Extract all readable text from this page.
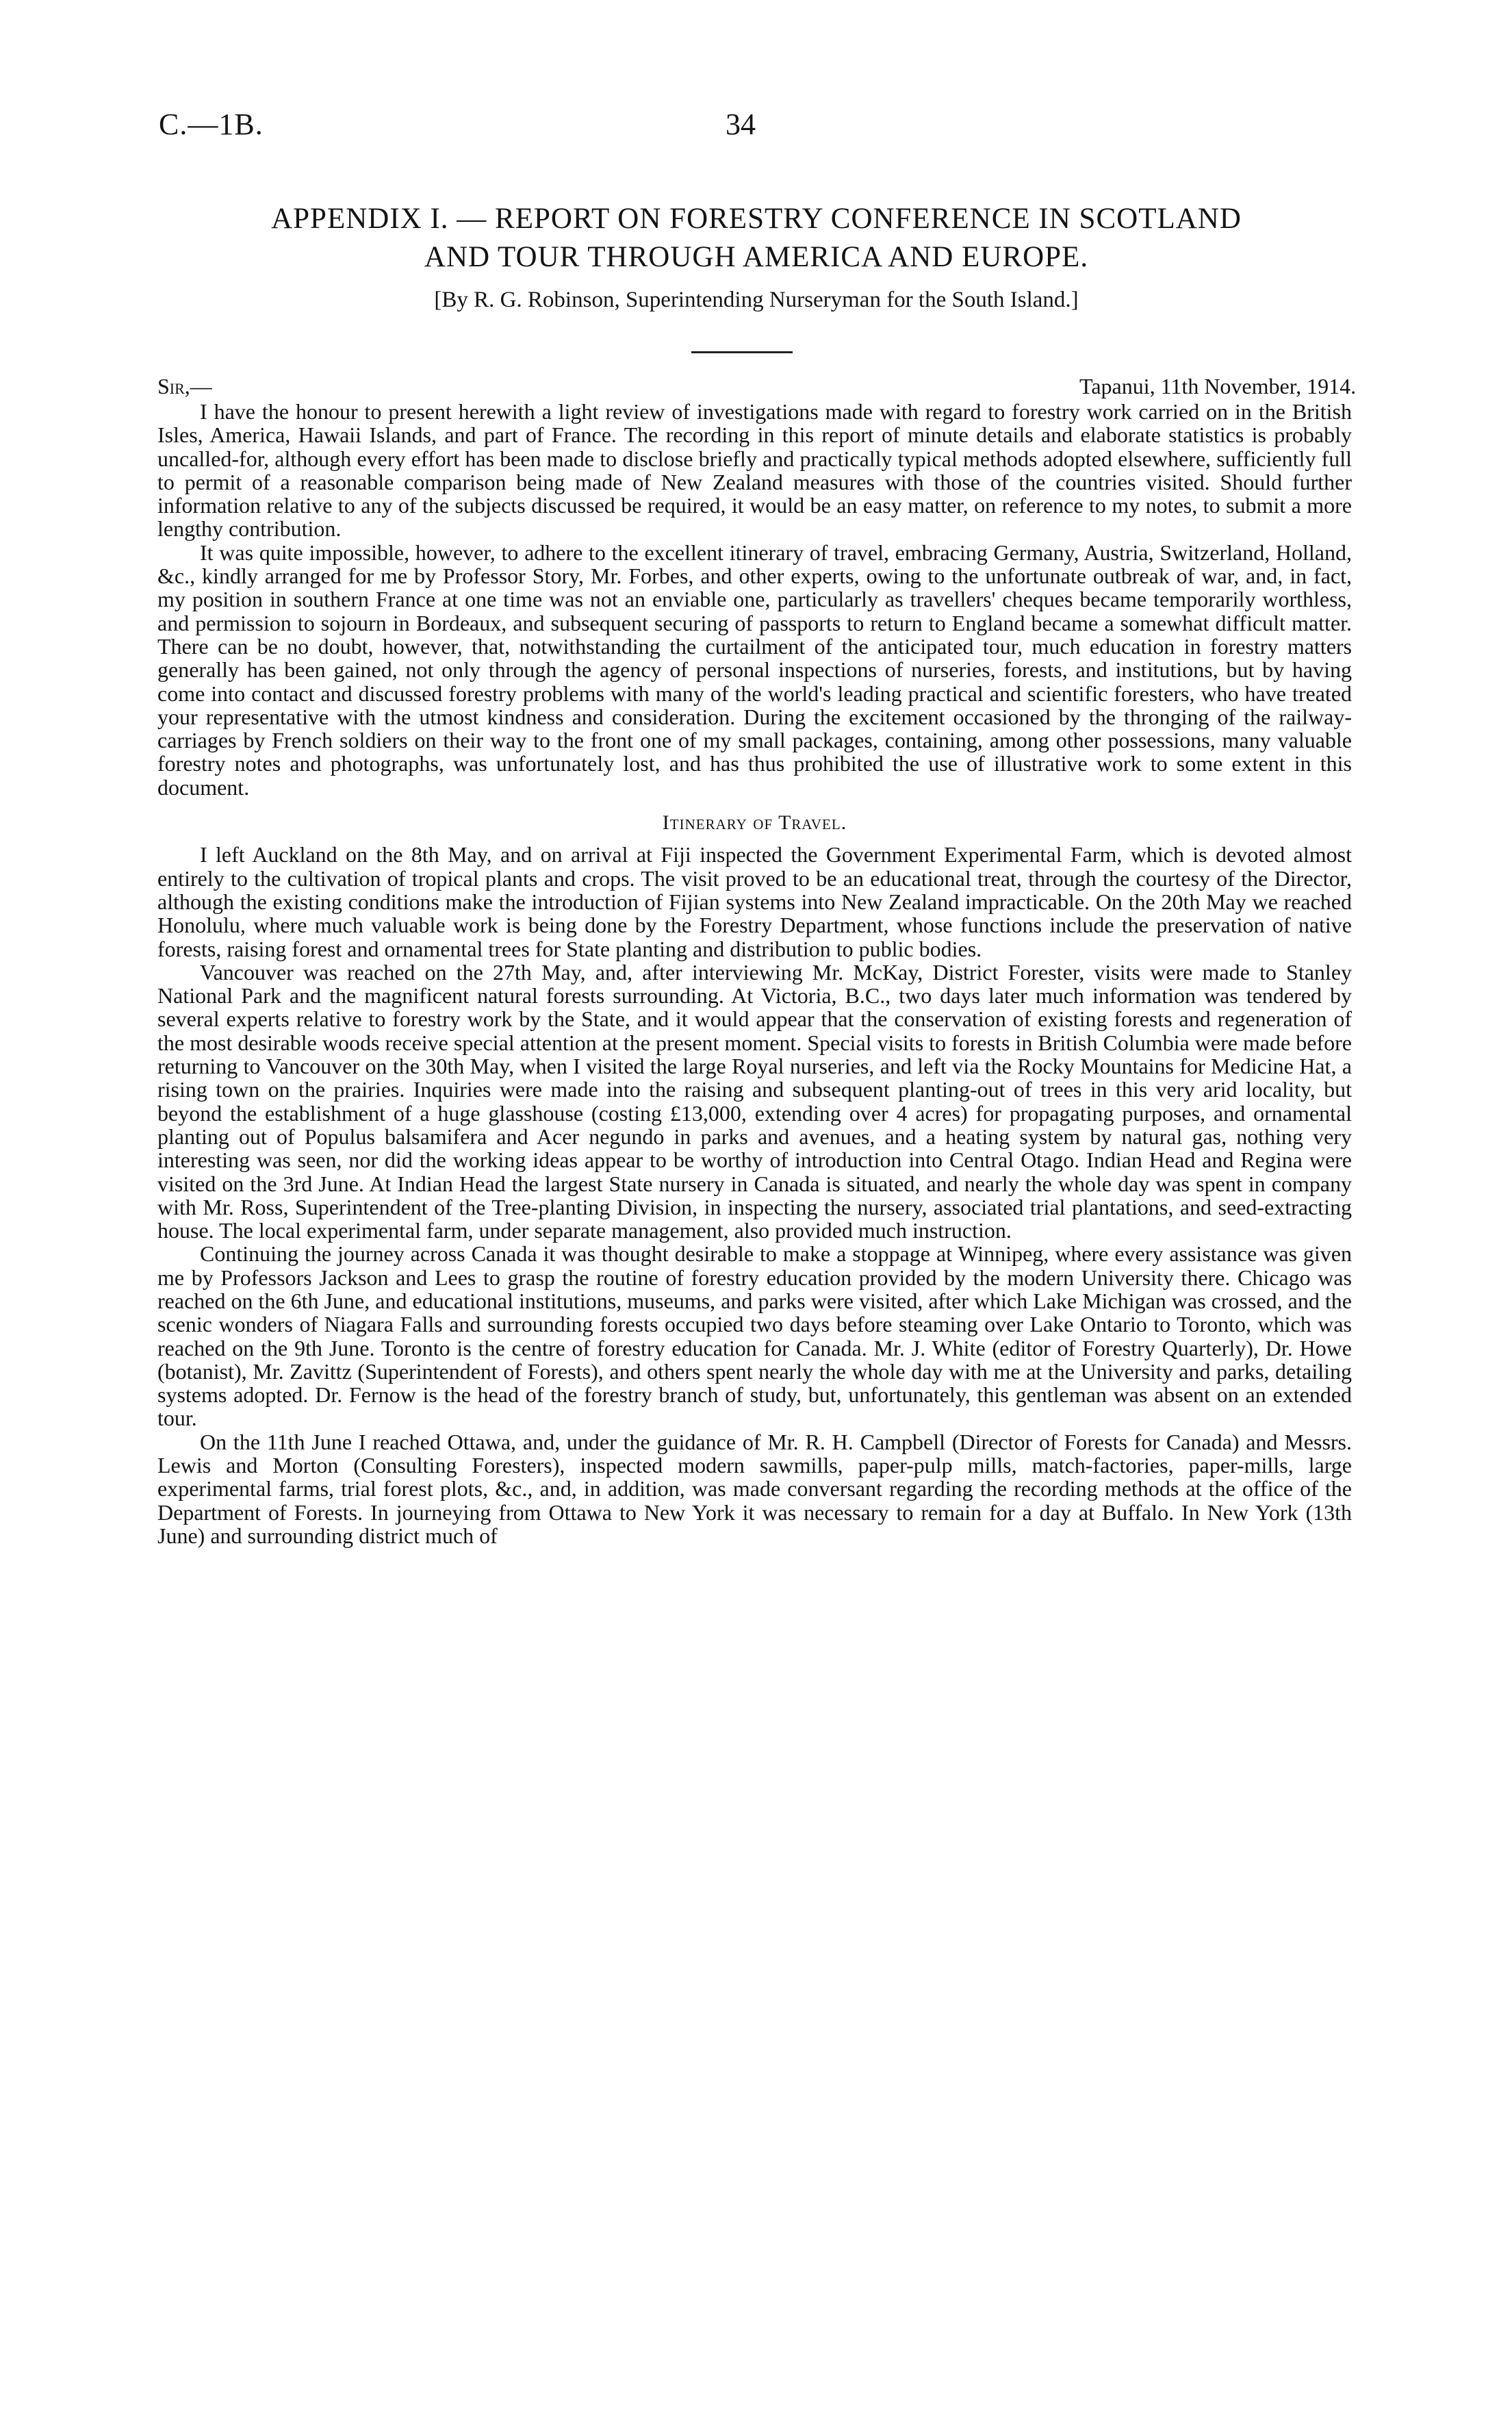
C.—1B.	34
APPENDIX I. — REPORT ON FORESTRY CONFERENCE IN SCOTLAND
AND TOUR THROUGH AMERICA AND EUROPE.
[By R. G. Robinson, Superintending Nurseryman for the South Island.]
Sir,—	Tapanui, 11th November, 1914.

I have the honour to present herewith a light review of investigations made with regard to forestry work carried on in the British Isles, America, Hawaii Islands, and part of France. The recording in this report of minute details and elaborate statistics is probably uncalled-for, although every effort has been made to disclose briefly and practically typical methods adopted elsewhere, sufficiently full to permit of a reasonable comparison being made of New Zealand measures with those of the countries visited. Should further information relative to any of the subjects discussed be required, it would be an easy matter, on reference to my notes, to submit a more lengthy contribution.

It was quite impossible, however, to adhere to the excellent itinerary of travel, embracing Germany, Austria, Switzerland, Holland, &c., kindly arranged for me by Professor Story, Mr. Forbes, and other experts, owing to the unfortunate outbreak of war, and, in fact, my position in southern France at one time was not an enviable one, particularly as travellers' cheques became temporarily worthless, and permission to sojourn in Bordeaux, and subsequent securing of passports to return to England became a somewhat difficult matter. There can be no doubt, however, that, notwithstanding the curtailment of the anticipated tour, much education in forestry matters generally has been gained, not only through the agency of personal inspections of nurseries, forests, and institutions, but by having come into contact and discussed forestry problems with many of the world's leading practical and scientific foresters, who have treated your representative with the utmost kindness and consideration. During the excitement occasioned by the thronging of the railway-carriages by French soldiers on their way to the front one of my small packages, containing, among other possessions, many valuable forestry notes and photographs, was unfortunately lost, and has thus prohibited the use of illustrative work to some extent in this document.

Itinerary of Travel.

I left Auckland on the 8th May, and on arrival at Fiji inspected the Government Experimental Farm, which is devoted almost entirely to the cultivation of tropical plants and crops. The visit proved to be an educational treat, through the courtesy of the Director, although the existing conditions make the introduction of Fijian systems into New Zealand impracticable. On the 20th May we reached Honolulu, where much valuable work is being done by the Forestry Department, whose functions include the preservation of native forests, raising forest and ornamental trees for State planting and distribution to public bodies.

Vancouver was reached on the 27th May, and, after interviewing Mr. McKay, District Forester, visits were made to Stanley National Park and the magnificent natural forests surrounding. At Victoria, B.C., two days later much information was tendered by several experts relative to forestry work by the State, and it would appear that the conservation of existing forests and regeneration of the most desirable woods receive special attention at the present moment. Special visits to forests in British Columbia were made before returning to Vancouver on the 30th May, when I visited the large Royal nurseries, and left via the Rocky Mountains for Medicine Hat, a rising town on the prairies. Inquiries were made into the raising and subsequent planting-out of trees in this very arid locality, but beyond the establishment of a huge glasshouse (costing £13,000, extending over 4 acres) for propagating purposes, and ornamental planting out of Populus balsamifera and Acer negundo in parks and avenues, and a heating system by natural gas, nothing very interesting was seen, nor did the working ideas appear to be worthy of introduction into Central Otago. Indian Head and Regina were visited on the 3rd June. At Indian Head the largest State nursery in Canada is situated, and nearly the whole day was spent in company with Mr. Ross, Superintendent of the Tree-planting Division, in inspecting the nursery, associated trial plantations, and seed-extracting house. The local experimental farm, under separate management, also provided much instruction.

Continuing the journey across Canada it was thought desirable to make a stoppage at Winnipeg, where every assistance was given me by Professors Jackson and Lees to grasp the routine of forestry education provided by the modern University there. Chicago was reached on the 6th June, and educational institutions, museums, and parks were visited, after which Lake Michigan was crossed, and the scenic wonders of Niagara Falls and surrounding forests occupied two days before steaming over Lake Ontario to Toronto, which was reached on the 9th June. Toronto is the centre of forestry education for Canada. Mr. J. White (editor of Forestry Quarterly), Dr. Howe (botanist), Mr. Zavittz (Superintendent of Forests), and others spent nearly the whole day with me at the University and parks, detailing systems adopted. Dr. Fernow is the head of the forestry branch of study, but, unfortunately, this gentleman was absent on an extended tour.

On the 11th June I reached Ottawa, and, under the guidance of Mr. R. H. Campbell (Director of Forests for Canada) and Messrs. Lewis and Morton (Consulting Foresters), inspected modern sawmills, paper-pulp mills, match-factories, paper-mills, large experimental farms, trial forest plots, &c., and, in addition, was made conversant regarding the recording methods at the office of the Department of Forests. In journeying from Ottawa to New York it was necessary to remain for a day at Buffalo. In New York (13th June) and surrounding district much of
